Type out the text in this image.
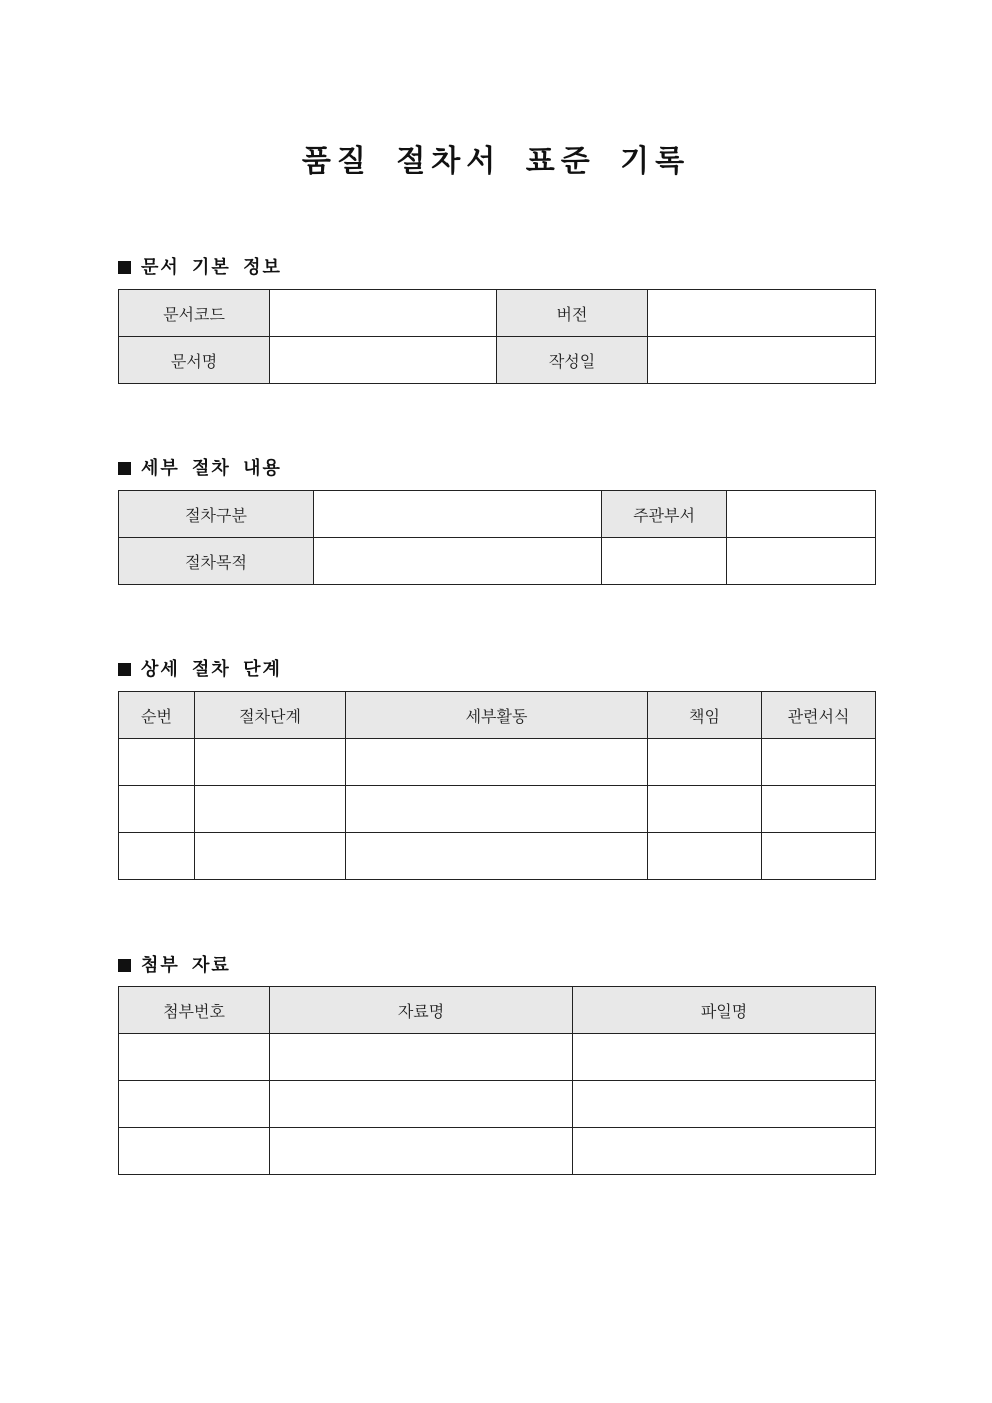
품질 절차서 표준 기록
문서 기본 정보
문서코드		버전	
문서명		작성일	
세부 절차 내용
절차구분		주관부서	
절차목적			
상세 절차 단계
순번	절차단계	세부활동	책임	관련서식

첨부 자료
첨부번호	자료명	파일명
